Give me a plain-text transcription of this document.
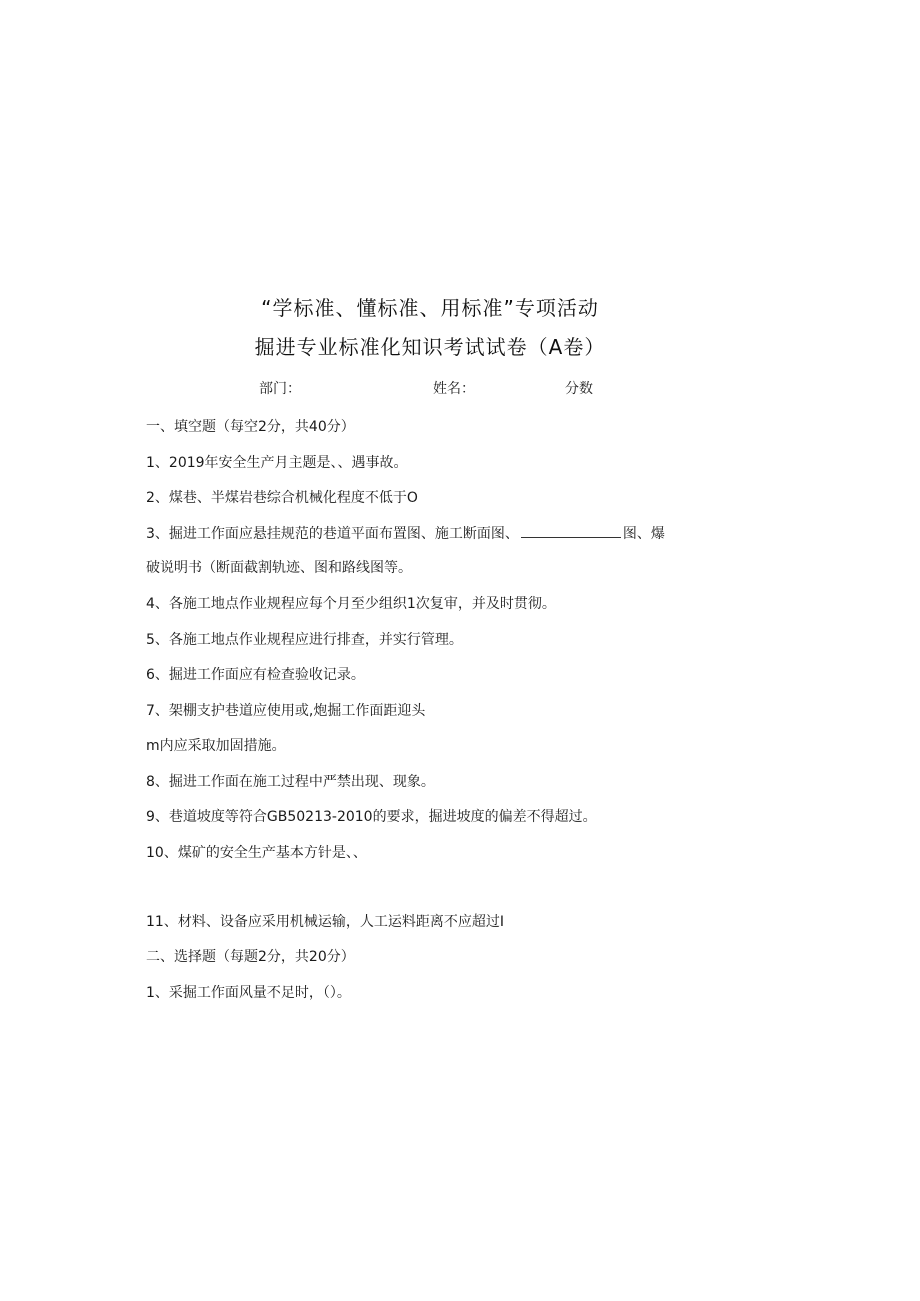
“学标准、懂标准、用标准”专项活动
掘进专业标准化知识考试试卷（A卷）
部门：	姓名：	分数
一、填空题（每空2分，共40分）
1、2019年安全生产月主题是、、遇事故。
2、煤巷、半煤岩巷综合机械化程度不低于O
3、掘进工作面应悬挂规范的巷道平面布置图、施工断面图、	图、爆
破说明书（断面截割轨迹、图和路线图等。
4、各施工地点作业规程应每个月至少组织1次复审，并及时贯彻。
5、各施工地点作业规程应进行排查，并实行管理。
6、掘进工作面应有检查验收记录。
7、架棚支护巷道应使用或,炮掘工作面距迎头
m内应采取加固措施。
8、掘进工作面在施工过程中严禁出现、现象。
9、巷道坡度等符合GB50213-2010的要求，掘进坡度的偏差不得超过。
10、煤矿的安全生产基本方针是、、
11、材料、设备应采用机械运输，人工运料距离不应超过I
二、选择题（每题2分，共20分）
1、采掘工作面风量不足时，（）。
